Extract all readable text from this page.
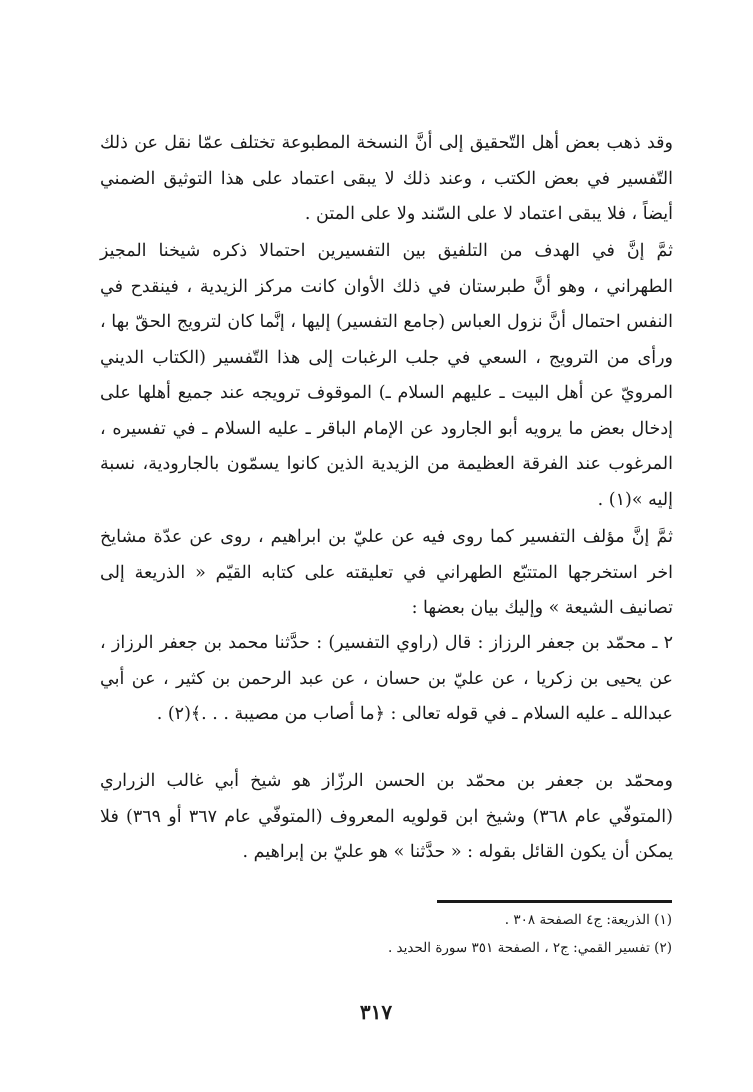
وقد ذهب بعض أهل التّحقيق إلى أنَّ النسخة المطبوعة تختلف عمّا نقل عن ذلك التّفسير في بعض الكتب ، وعند ذلك لا يبقى اعتماد على هذا التوثيق الضمني أيضاً ، فلا يبقى اعتماد لا على السّند ولا على المتن .

ثمَّ إنَّ في الهدف من التلفيق بين التفسيرين احتمالا ذكره شيخنا المجيز الطهراني ، وهو أنَّ طبرستان في ذلك الأوان كانت مركز الزيدية ، فينقدح في النفس احتمال أنَّ نزول العباس (جامع التفسير) إليها ، إنَّما كان لترويج الحقّ بها ، ورأى من الترويج ، السعي في جلب الرغبات إلى هذا التّفسير (الكتاب الديني المرويّ عن أهل البيت ـ عليهم السلام ـ) الموقوف ترويجه عند جميع أهلها على إدخال بعض ما يرويه أبو الجارود عن الإمام الباقر ـ عليه السلام ـ في تفسيره ، المرغوب عند الفرقة العظيمة من الزيدية الذين كانوا يسمّون بالجارودية، نسبة إليه »(١) .

ثمَّ إنَّ مؤلف التفسير كما روى فيه عن عليّ بن ابراهيم ، روى عن عدّة مشايخ اخر استخرجها المتتبّع الطهراني في تعليقته على كتابه القيّم « الذريعة إلى تصانيف الشيعة » وإليك بيان بعضها :

٢ ـ محمّد بن جعفر الرزاز : قال (راوي التفسير) : حدَّثنا محمد بن جعفر الرزاز ، عن يحيى بن زكريا ، عن عليّ بن حسان ، عن عبد الرحمن بن كثير ، عن أبي عبدالله ـ عليه السلام ـ في قوله تعالى : ﴿ما أصاب من مصيبة . . .﴾(٢) .

ومحمّد بن جعفر بن محمّد بن الحسن الرزّاز هو شيخ أبي غالب الزراري (المتوفّي عام ٣٦٨) وشيخ ابن قولويه المعروف (المتوفّي عام ٣٦٧ أو ٣٦٩) فلا يمكن أن يكون القائل بقوله : « حدَّثنا » هو عليّ بن إبراهيم .

(١) الذريعة: ج٤ الصفحة ٣٠٨ .

(٢) تفسير القمي: ج٢ ، الصفحة ٣٥١ سورة الحديد .

٣١٧
